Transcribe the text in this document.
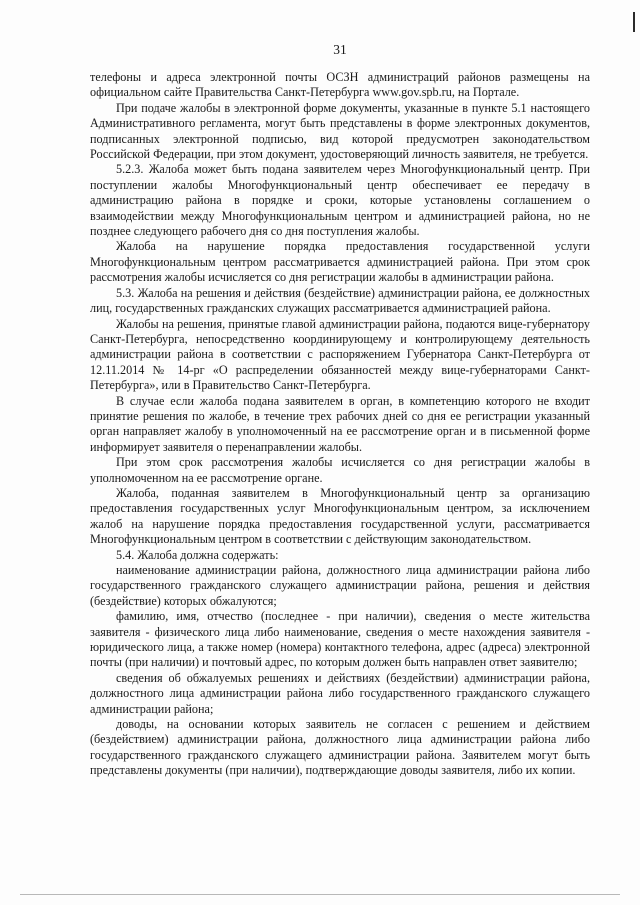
31

телефоны и адреса электронной почты ОСЗН администраций районов размещены на официальном сайте Правительства Санкт-Петербурга www.gov.spb.ru, на Портале.

При подаче жалобы в электронной форме документы, указанные в пункте 5.1 настоящего Административного регламента, могут быть представлены в форме электронных документов, подписанных электронной подписью, вид которой предусмотрен законодательством Российской Федерации, при этом документ, удостоверяющий личность заявителя, не требуется.

5.2.3. Жалоба может быть подана заявителем через Многофункциональный центр. При поступлении жалобы Многофункциональный центр обеспечивает ее передачу в администрацию района в порядке и сроки, которые установлены соглашением о взаимодействии между Многофункциональным центром и администрацией района, но не позднее следующего рабочего дня со дня поступления жалобы.

Жалоба на нарушение порядка предоставления государственной услуги Многофункциональным центром рассматривается администрацией района. При этом срок рассмотрения жалобы исчисляется со дня регистрации жалобы в администрации района.

5.3. Жалоба на решения и действия (бездействие) администрации района, ее должностных лиц, государственных гражданских служащих рассматривается администрацией района.

Жалобы на решения, принятые главой администрации района, подаются вице-губернатору Санкт-Петербурга, непосредственно координирующему и контролирующему деятельность администрации района в соответствии с распоряжением Губернатора Санкт-Петербурга от 12.11.2014 № 14-рг «О распределении обязанностей между вице-губернаторами Санкт-Петербурга», или в Правительство Санкт-Петербурга.

В случае если жалоба подана заявителем в орган, в компетенцию которого не входит принятие решения по жалобе, в течение трех рабочих дней со дня ее регистрации указанный орган направляет жалобу в уполномоченный на ее рассмотрение орган и в письменной форме информирует заявителя о перенаправлении жалобы.

При этом срок рассмотрения жалобы исчисляется со дня регистрации жалобы в уполномоченном на ее рассмотрение органе.

Жалоба, поданная заявителем в Многофункциональный центр за организацию предоставления государственных услуг Многофункциональным центром, за исключением жалоб на нарушение порядка предоставления государственной услуги, рассматривается Многофункциональным центром в соответствии с действующим законодательством.

5.4. Жалоба должна содержать:

наименование администрации района, должностного лица администрации района либо государственного гражданского служащего администрации района, решения и действия (бездействие) которых обжалуются;

фамилию, имя, отчество (последнее - при наличии), сведения о месте жительства заявителя - физического лица либо наименование, сведения о месте нахождения заявителя - юридического лица, а также номер (номера) контактного телефона, адрес (адреса) электронной почты (при наличии) и почтовый адрес, по которым должен быть направлен ответ заявителю;

сведения об обжалуемых решениях и действиях (бездействии) администрации района, должностного лица администрации района либо государственного гражданского служащего администрации района;

доводы, на основании которых заявитель не согласен с решением и действием (бездействием) администрации района, должностного лица администрации района либо государственного гражданского служащего администрации района. Заявителем могут быть представлены документы (при наличии), подтверждающие доводы заявителя, либо их копии.
